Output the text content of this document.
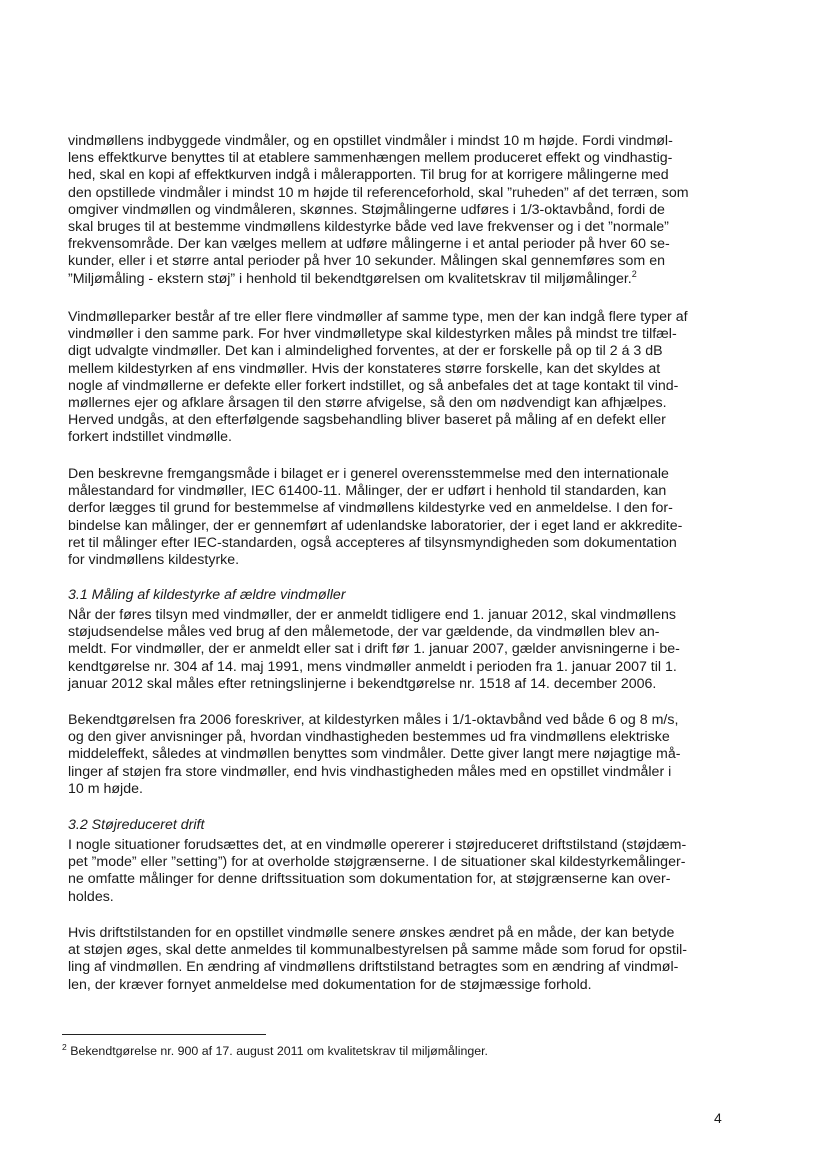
vindmøllens indbyggede vindmåler, og en opstillet vindmåler i mindst 10 m højde. Fordi vindmøl-
lens effektkurve benyttes til at etablere sammenhængen mellem produceret effekt og vindhastig-
hed, skal en kopi af effektkurven indgå i målerapporten. Til brug for at korrigere målingerne med
den opstillede vindmåler i mindst 10 m højde til referenceforhold, skal ”ruheden” af det terræn, som
omgiver vindmøllen og vindmåleren, skønnes. Støjmålingerne udføres i 1/3-oktavbånd, fordi de
skal bruges til at bestemme vindmøllens kildestyrke både ved lave frekvenser og i det ”normale”
frekvensområde. Der kan vælges mellem at udføre målingerne i et antal perioder på hver 60 se-
kunder, eller i et større antal perioder på hver 10 sekunder. Målingen skal gennemføres som en
”Miljømåling - ekstern støj” i henhold til bekendtgørelsen om kvalitetskrav til miljømålinger.$^2$
Vindmølleparker består af tre eller flere vindmøller af samme type, men der kan indgå flere typer af
vindmøller i den samme park. For hver vindmølletype skal kildestyrken måles på mindst tre tilfæl-
digt udvalgte vindmøller. Det kan i almindelighed forventes, at der er forskelle på op til 2 á 3 dB
mellem kildestyrken af ens vindmøller. Hvis der konstateres større forskelle, kan det skyldes at
nogle af vindmøllerne er defekte eller forkert indstillet, og så anbefales det at tage kontakt til vind-
møllernes ejer og afklare årsagen til den større afvigelse, så den om nødvendigt kan afhjælpes.
Herved undgås, at den efterfølgende sagsbehandling bliver baseret på måling af en defekt eller
forkert indstillet vindmølle.
Den beskrevne fremgangsmåde i bilaget er i generel overensstemmelse med den internationale
målestandard for vindmøller, IEC 61400-11. Målinger, der er udført i henhold til standarden, kan
derfor lægges til grund for bestemmelse af vindmøllens kildestyrke ved en anmeldelse. I den for-
bindelse kan målinger, der er gennemført af udenlandske laboratorier, der i eget land er akkredite-
ret til målinger efter IEC-standarden, også accepteres af tilsynsmyndigheden som dokumentation
for vindmøllens kildestyrke.
3.1 Måling af kildestyrke af ældre vindmøller
Når der føres tilsyn med vindmøller, der er anmeldt tidligere end 1. januar 2012, skal vindmøllens
støjudsendelse måles ved brug af den målemetode, der var gældende, da vindmøllen blev an-
meldt. For vindmøller, der er anmeldt eller sat i drift før 1. januar 2007, gælder anvisningerne i be-
kendtgørelse nr. 304 af 14. maj 1991, mens vindmøller anmeldt i perioden fra 1. januar 2007 til 1.
januar 2012 skal måles efter retningslinjerne i bekendtgørelse nr. 1518 af 14. december 2006.
Bekendtgørelsen fra 2006 foreskriver, at kildestyrken måles i 1/1-oktavbånd ved både 6 og 8 m/s,
og den giver anvisninger på, hvordan vindhastigheden bestemmes ud fra vindmøllens elektriske
middeleffekt, således at vindmøllen benyttes som vindmåler. Dette giver langt mere nøjagtige må-
linger af støjen fra store vindmøller, end hvis vindhastigheden måles med en opstillet vindmåler i
10 m højde.
3.2 Støjreduceret drift
I nogle situationer forudsættes det, at en vindmølle opererer i støjreduceret driftstilstand (støjdæm-
pet ”mode” eller ”setting”) for at overholde støjgrænserne. I de situationer skal kildestyrkemålinger-
ne omfatte målinger for denne driftssituation som dokumentation for, at støjgrænserne kan over-
holdes.
Hvis driftstilstanden for en opstillet vindmølle senere ønskes ændret på en måde, der kan betyde
at støjen øges, skal dette anmeldes til kommunalbestyrelsen på samme måde som forud for opstil-
ling af vindmøllen. En ændring af vindmøllens driftstilstand betragtes som en ændring af vindmøl-
len, der kræver fornyet anmeldelse med dokumentation for de støjmæssige forhold.
$^2$ Bekendtgørelse nr. 900 af 17. august 2011 om kvalitetskrav til miljømålinger.
4
